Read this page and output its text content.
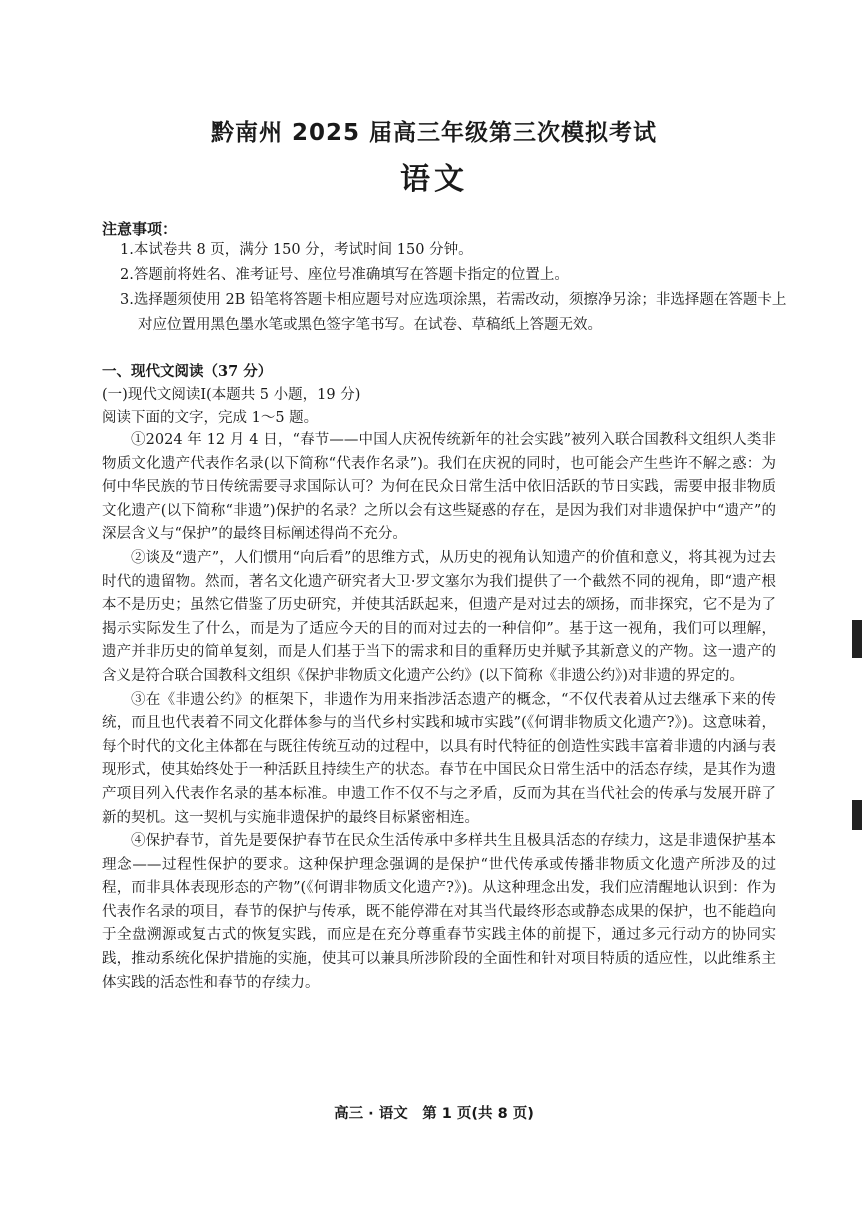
黔南州 2025 届高三年级第三次模拟考试
语文
注意事项：
1.本试卷共 8 页，满分 150 分，考试时间 150 分钟。
2.答题前将姓名、准考证号、座位号准确填写在答题卡指定的位置上。
3.选择题须使用 2B 铅笔将答题卡相应题号对应选项涂黑，若需改动，须擦净另涂；非选择题在答题卡上对应位置用黑色墨水笔或黑色签字笔书写。在试卷、草稿纸上答题无效。
一、现代文阅读（37 分）
(一)现代文阅读Ⅰ(本题共 5 小题，19 分)
阅读下面的文字，完成 1～5 题。

①2024 年 12 月 4 日，“春节——中国人庆祝传统新年的社会实践”被列入联合国教科文组织人类非物质文化遗产代表作名录(以下简称“代表作名录”)。我们在庆祝的同时，也可能会产生些许不解之惑：为何中华民族的节日传统需要寻求国际认可？为何在民众日常生活中依旧活跃的节日实践，需要申报非物质文化遗产(以下简称“非遗”)保护的名录？之所以会有这些疑惑的存在，是因为我们对非遗保护中“遗产”的深层含义与“保护”的最终目标阐述得尚不充分。

②谈及“遗产”，人们惯用“向后看”的思维方式，从历史的视角认知遗产的价值和意义，将其视为过去时代的遗留物。然而，著名文化遗产研究者大卫·罗文塞尔为我们提供了一个截然不同的视角，即“遗产根本不是历史；虽然它借鉴了历史研究，并使其活跃起来，但遗产是对过去的颂扬，而非探究，它不是为了揭示实际发生了什么，而是为了适应今天的目的而对过去的一种信仰”。基于这一视角，我们可以理解，遗产并非历史的简单复刻，而是人们基于当下的需求和目的重释历史并赋予其新意义的产物。这一遗产的含义是符合联合国教科文组织《保护非物质文化遗产公约》(以下简称《非遗公约》)对非遗的界定的。

③在《非遗公约》的框架下，非遗作为用来指涉活态遗产的概念，“不仅代表着从过去继承下来的传统，而且也代表着不同文化群体参与的当代乡村实践和城市实践”(《何谓非物质文化遗产?》)。这意味着，每个时代的文化主体都在与既往传统互动的过程中，以具有时代特征的创造性实践丰富着非遗的内涵与表现形式，使其始终处于一种活跃且持续生产的状态。春节在中国民众日常生活中的活态存续，是其作为遗产项目列入代表作名录的基本标准。申遗工作不仅不与之矛盾，反而为其在当代社会的传承与发展开辟了新的契机。这一契机与实施非遗保护的最终目标紧密相连。

④保护春节，首先是要保护春节在民众生活传承中多样共生且极具活态的存续力，这是非遗保护基本理念——过程性保护的要求。这种保护理念强调的是保护“世代传承或传播非物质文化遗产所涉及的过程，而非具体表现形态的产物”(《何谓非物质文化遗产?》)。从这种理念出发，我们应清醒地认识到：作为代表作名录的项目，春节的保护与传承，既不能停滞在对其当代最终形态或静态成果的保护，也不能趋向于全盘溯源或复古式的恢复实践，而应是在充分尊重春节实践主体的前提下，通过多元行动方的协同实践，推动系统化保护措施的实施，使其可以兼具所涉阶段的全面性和针对项目特质的适应性，以此维系主体实践的活态性和春节的存续力。

高三 · 语文　第 1 页(共 8 页)
